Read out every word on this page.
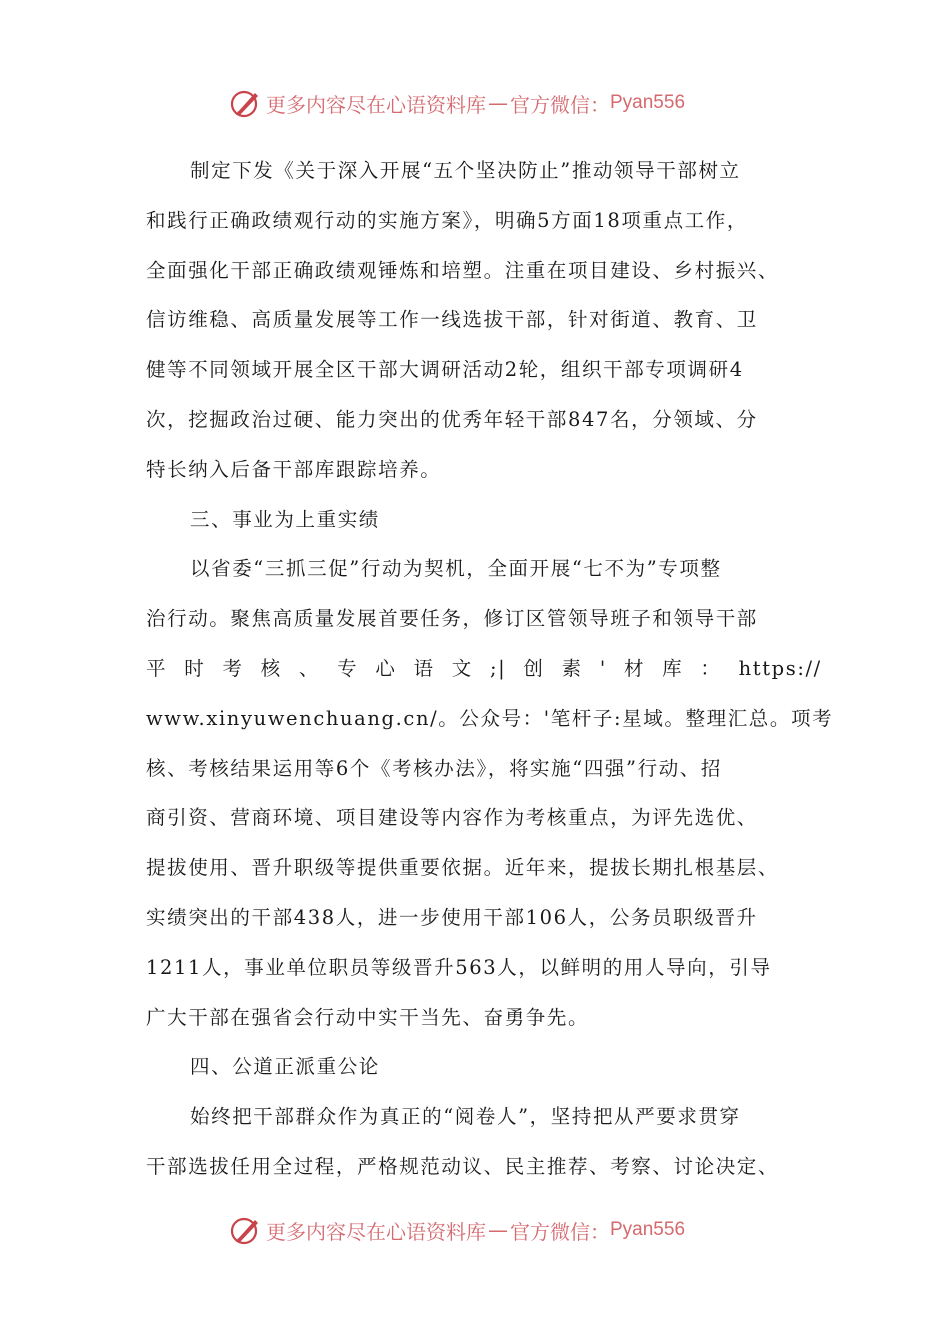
更多内容尽在心语资料库 — 官方微信： Pyan556
制定下发《关于深入开展“五个坚决防止”推动领导干部树立
和践行正确政绩观行动的实施方案》，明确5方面18项重点工作，
全面强化干部正确政绩观锤炼和培塑。注重在项目建设、乡村振兴、
信访维稳、高质量发展等工作一线选拔干部，针对街道、教育、卫
健等不同领域开展全区干部大调研活动2轮，组织干部专项调研4
次，挖掘政治过硬、能力突出的优秀年轻干部847名，分领域、分
特长纳入后备干部库跟踪培养。
三、事业为上重实绩
以省委“三抓三促”行动为契机，全面开展“七不为”专项整
治行动。聚焦高质量发展首要任务，修订区管领导班子和领导干部
平 时 考 核 、 专 心 语 文 ;| 创 素 ' 材 库 ： https://
www.xinyuwenchuang.cn/。公众号：'笔杆子:星域。整理汇总。项考
核、考核结果运用等6个《考核办法》，将实施“四强”行动、招
商引资、营商环境、项目建设等内容作为考核重点，为评先选优、
提拔使用、晋升职级等提供重要依据。近年来，提拔长期扎根基层、
实绩突出的干部438人，进一步使用干部106人，公务员职级晋升
1211人，事业单位职员等级晋升563人，以鲜明的用人导向，引导
广大干部在强省会行动中实干当先、奋勇争先。
四、公道正派重公论
始终把干部群众作为真正的“阅卷人”，坚持把从严要求贯穿
干部选拔任用全过程，严格规范动议、民主推荐、考察、讨论决定、
更多内容尽在心语资料库 — 官方微信： Pyan556
